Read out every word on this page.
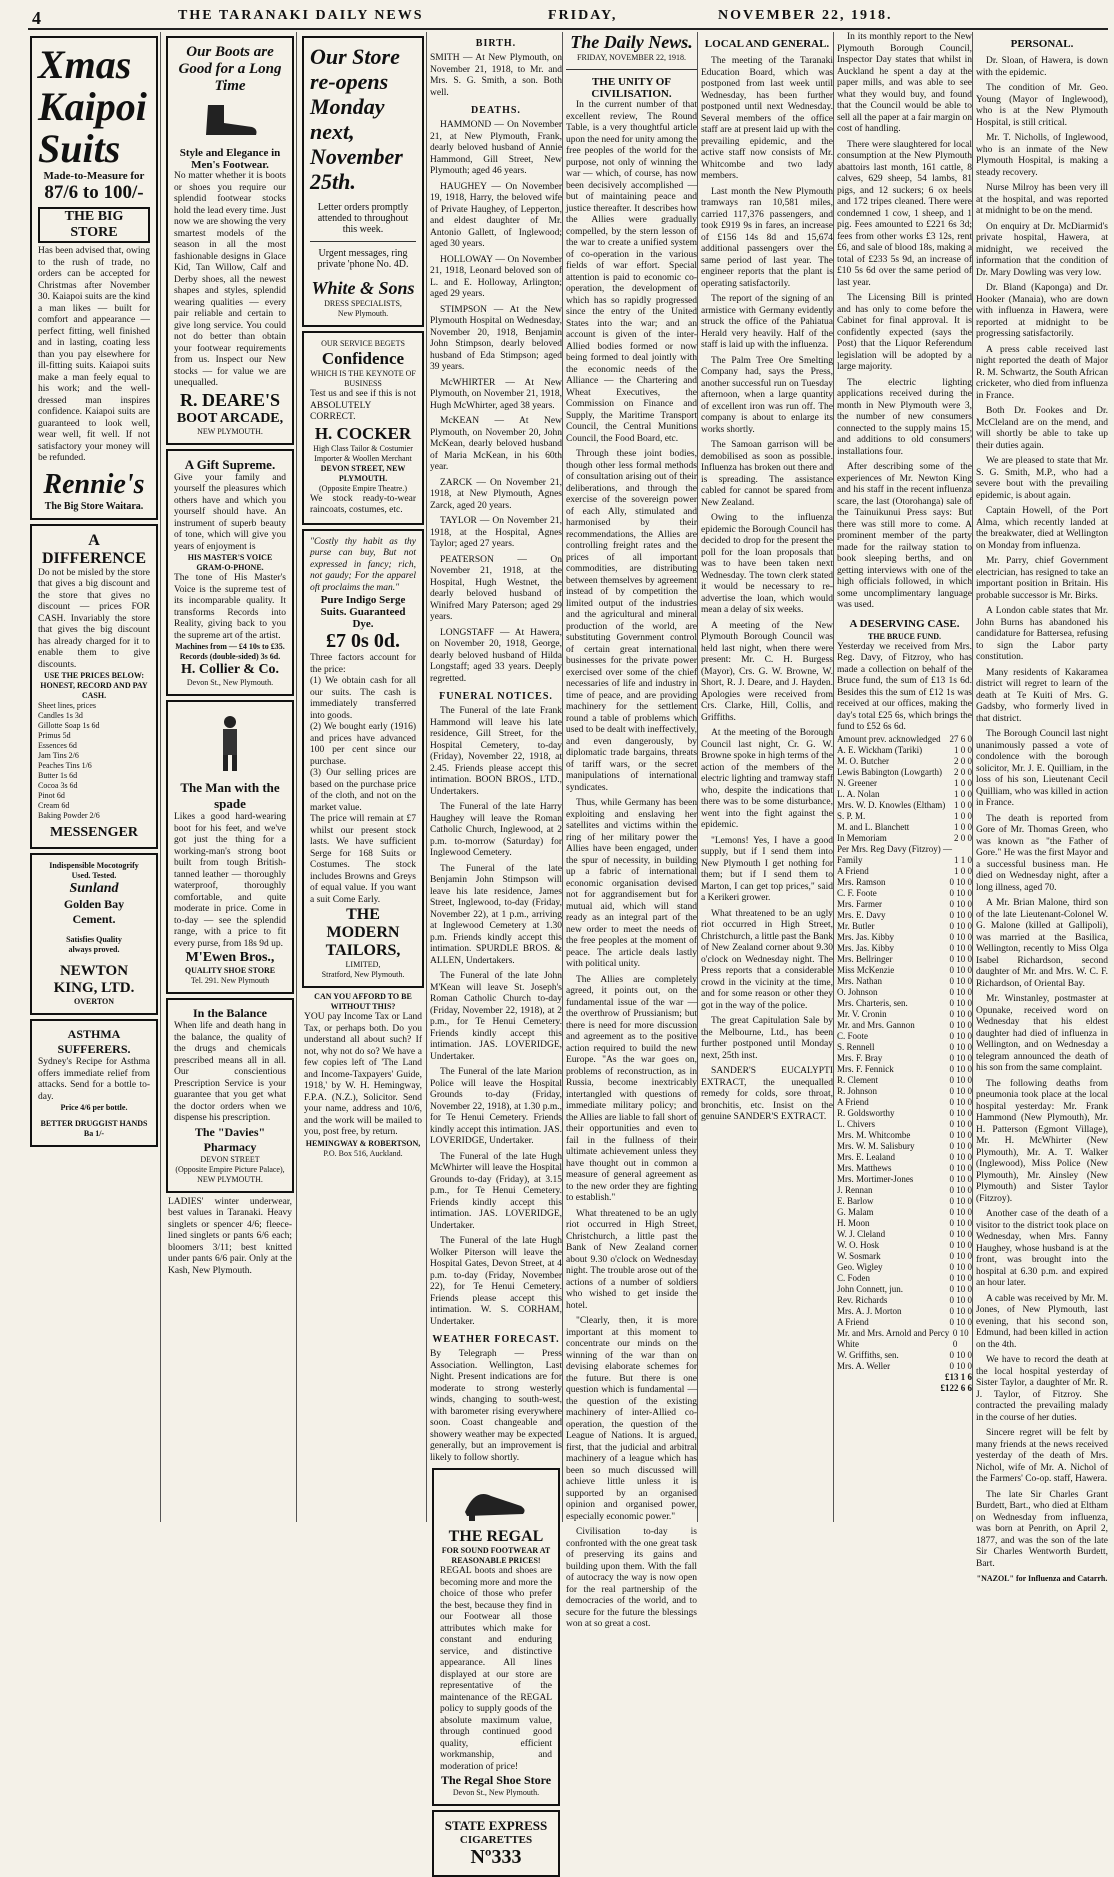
4	THE TARANAKI DAILY NEWS	FRIDAY,	NOVEMBER 22, 1918.
Xmas
Kaipoi
Suits
Made-to-Measure for
87/6 to 100/-
THE BIG STORE
Has been advised that, owing to the rush of trade, no orders can be accepted for Christmas after November 30. Kaiapoi suits are the kind a man likes — built for comfort and appearance — perfect fitting, well finished and in lasting, coating less than you pay elsewhere for ill-fitting suits. Kaiapoi suits make a man feely equal to his work; and the well-dressed man inspires confidence. Kaiapoi suits are guaranteed to look well, wear well, fit well. If not satisfactory your money will be refunded.
Rennie's
The Big Store Waitara.
A DIFFERENCE
Do not be misled by the store that gives a big discount and the store that gives no discount — prices FOR CASH. Invariably the store that gives the big discount has already charged for it to enable them to give discounts.
USE THE PRICES BELOW: HONEST, RECORD AND PAY CASH.
Sheet lines, prices
Candles 1s 3d
Gillotte Soap 1s 6d
Primus 5d
Essences 6d
Jam Tins 2/6
Peaches Tins 1/6
Butter 1s 6d
Cocoa 3s 6d
Pinot 6d
Cream 6d
Baking Powder 2/6
MESSENGER
Indispensible Mocotogrify
Used. Tested.
Sunland
Golden Bay
Cement.
Satisfies Quality
always proved.
NEWTON KING, LTD.
OVERTON
ASTHMA SUFFERERS.
Sydney's Recipe for Asthma offers immediate relief from attacks. Send for a bottle to-day.
Price 4/6 per bottle.
BETTER DRUGGIST HANDS
Ba 1/-
Our Boots are Good for a Long Time
Style and Elegance in Men's Footwear.
No matter whether it is boots or shoes you require our splendid footwear stocks hold the lead every time. Just now we are showing the very smartest models of the season in all the most fashionable designs in Glace Kid, Tan Willow, Calf and Derby shoes, all the newest shapes and styles, splendid wearing qualities — every pair reliable and certain to give long service. You could not do better than obtain your footwear requirements from us. Inspect our New stocks — for value we are unequalled.
R. DEARE'S
BOOT ARCADE,
NEW PLYMOUTH.
A Gift Supreme.
Give your family and yourself the pleasures which others have and which you yourself should have. An instrument of superb beauty of tone, which will give you years of enjoyment is
HIS MASTER'S VOICE GRAM-O-PHONE.
The tone of His Master's Voice is the supreme test of its incomparable quality. It transforms Records into Reality, giving back to you the supreme art of the artist.
Machines from — £4 10s to £35.
Records (double-sided) 3s 6d.
H. Collier & Co.
Devon St., New Plymouth.
The Man with the spade
Likes a good hard-wearing boot for his feet, and we've got just the thing for a working-man's strong boot built from tough British-tanned leather — thoroughly waterproof, thoroughly comfortable, and quite moderate in price. Come in to-day — see the splendid range, with a price to fit every purse, from 18s 9d up.
M'Ewen Bros.,
QUALITY SHOE STORE
Tel. 291. New Plymouth
In the Balance
When life and death hang in the balance, the quality of the drugs and chemicals prescribed means all in all. Our conscientious Prescription Service is your guarantee that you get what the doctor orders when we dispense his prescription.
The "Davies" Pharmacy
DEVON STREET
(Opposite Empire Picture Palace),
NEW PLYMOUTH.
LADIES' winter underwear, best values in Taranaki. Heavy singlets or spencer 4/6; fleece-lined singlets or pants 6/6 each; bloomers 3/11; best knitted under pants 6/6 pair. Only at the Kash, New Plymouth.
Our Store
re-opens
Monday
next,
November
25th.
Letter orders promptly attended to throughout this week.
Urgent messages, ring private 'phone No. 4D.
White & Sons
DRESS SPECIALISTS,
New Plymouth.
OUR SERVICE BEGETS
Confidence
WHICH IS THE KEYNOTE OF BUSINESS
Test us and see if this is not ABSOLUTELY CORRECT.
H. COCKER
High Class Tailor & Costumier Importer & Woollen Merchant
DEVON STREET, NEW PLYMOUTH.
(Opposite Empire Theatre.)
We stock ready-to-wear raincoats, costumes, etc.
"Costly thy habit as thy purse can buy, But not expressed in fancy; rich, not gaudy; For the apparel oft proclaims the man."
Pure Indigo Serge Suits. Guaranteed Dye.
£7 0s 0d.
Three factors account for the price:
(1) We obtain cash for all our suits. The cash is immediately transferred into goods.
(2) We bought early (1916) and prices have advanced 100 per cent since our purchase.
(3) Our selling prices are based on the purchase price of the cloth, and not on the market value.
The price will remain at £7 whilst our present stock lasts. We have sufficient Serge for 168 Suits or Costumes. The stock includes Browns and Greys of equal value. If you want a suit Come Early.
THE MODERN TAILORS,
LIMITED,
Stratford, New Plymouth.
CAN YOU AFFORD TO BE WITHOUT THIS?
YOU pay Income Tax or Land Tax, or perhaps both. Do you understand all about such? If not, why not do so? We have a few copies left of 'The Land and Income-Taxpayers' Guide, 1918,' by W. H. Hemingway, F.P.A. (N.Z.), Solicitor. Send your name, address and 10/6, and the work will be mailed to you, post free, by return.
HEMINGWAY & ROBERTSON,
P.O. Box 516, Auckland.
BIRTH.
SMITH — At New Plymouth, on November 21, 1918, to Mr. and Mrs. S. G. Smith, a son. Both well.
DEATHS.

HAMMOND — On November 21, at New Plymouth, Frank, dearly beloved husband of Annie Hammond, Gill Street, New Plymouth; aged 46 years.

HAUGHEY — On November 19, 1918, Harry, the beloved wife of Private Haughey, of Lepperton, and eldest daughter of Mr. Antonio Gallett, of Inglewood; aged 30 years.

HOLLOWAY — On November 21, 1918, Leonard beloved son of L. and E. Holloway, Arlington; aged 29 years.

STIMPSON — At the New Plymouth Hospital on Wednesday, November 20, 1918, Benjamin John Stimpson, dearly beloved husband of Eda Stimpson; aged 39 years.

McWHIRTER — At New Plymouth, on November 21, 1918, Hugh McWhirter, aged 38 years.

McKEAN — At New Plymouth, on November 20, John McKean, dearly beloved husband of Maria McKean, in his 60th year.

ZARCK — On November 21, 1918, at New Plymouth, Agnes Zarck, aged 20 years.

TAYLOR — On November 21, 1918, at the Hospital, Agnes Taylor; aged 27 years.

PEATERSON — On November 21, 1918, at the Hospital, Hugh Westnet, the dearly beloved husband of Winifred Mary Paterson; aged 29 years.

LONGSTAFF — At Hawera, on November 20, 1918, George, dearly beloved husband of Hilda Longstaff; aged 33 years. Deeply regretted.

FUNERAL NOTICES.

The Funeral of the late Frank Hammond will leave his late residence, Gill Street, for the Hospital Cemetery, to-day (Friday), November 22, 1918, at 2.45. Friends please accept this intimation. BOON BROS., LTD., Undertakers.

The Funeral of the late Harry Haughey will leave the Roman Catholic Church, Inglewood, at 2 p.m. to-morrow (Saturday) for Inglewood Cemetery.

The Funeral of the late Benjamin John Stimpson will leave his late residence, James Street, Inglewood, to-day (Friday, November 22), at 1 p.m., arriving at Inglewood Cemetery at 1.30 p.m. Friends kindly accept this intimation. SPURDLE BROS. & ALLEN, Undertakers.

The Funeral of the late John M'Kean will leave St. Joseph's Roman Catholic Church to-day (Friday, November 22, 1918), at 2 p.m., for Te Henui Cemetery. Friends kindly accept this intimation. JAS. LOVERIDGE, Undertaker.

The Funeral of the late Marion Police will leave the Hospital Grounds to-day (Friday, November 22, 1918), at 1.30 p.m., for Te Henui Cemetery. Friends kindly accept this intimation. JAS. LOVERIDGE, Undertaker.

The Funeral of the late Hugh McWhirter will leave the Hospital Grounds to-day (Friday), at 3.15 p.m., for Te Henui Cemetery. Friends kindly accept this intimation. JAS. LOVERIDGE, Undertaker.

The Funeral of the late Hugh Wolker Piterson will leave the Hospital Gates, Devon Street, at 4 p.m. to-day (Friday, November 22), for Te Henui Cemetery. Friends please accept this intimation. W. S. CORHAM, Undertaker.

WEATHER FORECAST.
By Telegraph — Press Association. Wellington, Last Night. Present indications are for moderate to strong westerly winds, changing to south-west, with barometer rising everywhere soon. Coast changeable and showery weather may be expected generally, but an improvement is likely to follow shortly.
THE REGAL
FOR SOUND FOOTWEAR AT REASONABLE PRICES!
REGAL boots and shoes are becoming more and more the choice of those who prefer the best, because they find in our Footwear all those attributes which make for constant and enduring service, and distinctive appearance. All lines displayed at our store are representative of the maintenance of the REGAL policy to supply goods of the absolute maximum value, through continued good quality, efficient workmanship, and moderation of price!
The Regal Shoe Store
Devon St., New Plymouth.
STATE EXPRESS
CIGARETTES
Nº333
The Daily News.
FRIDAY, NOVEMBER 22, 1918.
THE UNITY OF CIVILISATION.

In the current number of that excellent review, The Round Table, is a very thoughtful article upon the need for unity among the free peoples of the world for the purpose, not only of winning the war — which, of course, has now been decisively accomplished — but of maintaining peace and justice thereafter. It describes how the Allies were gradually compelled, by the stern lesson of the war to create a unified system of co-operation in the various fields of war effort. Special attention is paid to economic co-operation, the development of which has so rapidly progressed since the entry of the United States into the war; and an account is given of the inter-Allied bodies formed or now being formed to deal jointly with the economic needs of the Alliance — the Chartering and Wheat Executives, the Commission on Finance and Supply, the Maritime Transport Council, the Central Munitions Council, the Food Board, etc.

Through these joint bodies, though other less formal methods of consultation arising out of their deliberations, and through the exercise of the sovereign power of each Ally, stimulated and harmonised by their recommendations, the Allies are controlling freight rates and the prices of all important commodities, are distributing between themselves by agreement instead of by competition the limited output of the industries and the agricultural and mineral production of the world, are substituting Government control of certain great international businesses for the private power exercised over some of the chief necessaries of life and industry in time of peace, and are providing machinery for the settlement round a table of problems which used to be dealt with ineffectively, and even dangerously, by diplomatic trade bargains, threats of tariff wars, or the secret manipulations of international syndicates.

Thus, while Germany has been exploiting and enslaving her satellites and victims within the ring of her military power the Allies have been engaged, under the spur of necessity, in building up a fabric of international economic organisation devised not for aggrandisement but for mutual aid, which will stand ready as an integral part of the new order to meet the needs of the free peoples at the moment of peace. The article deals lastly with political unity.

The Allies are completely agreed, it points out, on the fundamental issue of the war — the overthrow of Prussianism; but there is need for more discussion and agreement as to the positive action required to build the new Europe. "As the war goes on, problems of reconstruction, as in Russia, become inextricably intertangled with questions of immediate military policy; and the Allies are liable to fall short of their opportunities and even to fail in the fullness of their ultimate achievement unless they have thought out in common a measure of general agreement as to the new order they are fighting to establish."

What threatened to be an ugly riot occurred in High Street, Christchurch, a little past the Bank of New Zealand corner about 9.30 o'clock on Wednesday night. The trouble arose out of the actions of a number of soldiers who wished to get inside the hotel.

"Clearly, then, it is more important at this moment to concentrate our minds on the winning of the war than on devising elaborate schemes for the future. But there is one question which is fundamental — the question of the existing machinery of inter-Allied co-operation, the question of the League of Nations. It is argued, first, that the judicial and arbitral machinery of a league which has been so much discussed will achieve little unless it is supported by an organised opinion and organised power, especially economic power."

Civilisation to-day is confronted with the one great task of preserving its gains and building upon them. With the fall of autocracy the way is now open for the real partnership of the democracies of the world, and to secure for the future the blessings won at so great a cost.

LOCAL AND GENERAL.

The meeting of the Taranaki Education Board, which was postponed from last week until Wednesday, has been further postponed until next Wednesday. Several members of the office staff are at present laid up with the prevailing epidemic, and the active staff now consists of Mr. Whitcombe and two lady members.

Last month the New Plymouth tramways ran 10,581 miles, carried 117,376 passengers, and took £919 9s in fares, an increase of £156 14s 8d and 15,674 additional passengers over the same period of last year. The engineer reports that the plant is operating satisfactorily.

The report of the signing of an armistice with Germany evidently struck the office of the Pahiatua Herald very heavily. Half of the staff is laid up with the influenza.

The Palm Tree Ore Smelting Company had, says the Press, another successful run on Tuesday afternoon, when a large quantity of excellent iron was run off. The company is about to enlarge its works shortly.

The Samoan garrison will be demobilised as soon as possible. Influenza has broken out there and is spreading. The assistance cabled for cannot be spared from New Zealand.

Owing to the influenza epidemic the Borough Council has decided to drop for the present the poll for the loan proposals that was to have been taken next Wednesday. The town clerk stated it would be necessary to re-advertise the loan, which would mean a delay of six weeks.

A meeting of the New Plymouth Borough Council was held last night, when there were present: Mr. C. H. Burgess (Mayor), Crs. G. W. Browne, W. Short, R. J. Deare, and J. Hayden. Apologies were received from Crs. Clarke, Hill, Collis, and Griffiths.

At the meeting of the Borough Council last night, Cr. G. W. Browne spoke in high terms of the action of the members of the electric lighting and tramway staff who, despite the indications that there was to be some disturbance, went into the fight against the epidemic.

"Lemons! Yes, I have a good supply, but if I send them into New Plymouth I get nothing for them; but if I send them to Marton, I can get top prices," said a Kerikeri grower.

What threatened to be an ugly riot occurred in High Street, Christchurch, a little past the Bank of New Zealand corner about 9.30 o'clock on Wednesday night. The Press reports that a considerable crowd in the vicinity at the time, and for some reason or other they got in the way of the police.

The great Capitulation Sale by the Melbourne, Ltd., has been further postponed until Monday next, 25th inst.

SANDER'S EUCALYPTI EXTRACT, the unequalled remedy for colds, sore throat, bronchitis, etc. Insist on the genuine SANDER'S EXTRACT.

In its monthly report to the New Plymouth Borough Council, Inspector Day states that whilst in Auckland he spent a day at the paper mills, and was able to see what they would buy, and found that the Council would be able to sell all the paper at a fair margin on cost of handling.

There were slaughtered for local consumption at the New Plymouth abattoirs last month, 161 cattle, 8 calves, 629 sheep, 54 lambs, 81 pigs, and 12 suckers; 6 ox heels and 172 tripes cleaned. There were condemned 1 cow, 1 sheep, and 1 pig. Fees amounted to £221 6s 3d; fees from other works £3 12s, rent £6, and sale of blood 18s, making a total of £233 5s 9d, an increase of £10 5s 6d over the same period of last year.

The Licensing Bill is printed and has only to come before the Cabinet for final approval. It is confidently expected (says the Post) that the Liquor Referendum legislation will be adopted by a large majority.

The electric lighting applications received during the month in New Plymouth were 3, the number of new consumers connected to the supply mains 15, and additions to old consumers' installations four.

After describing some of the experiences of Mr. Newton King and his staff in the recent influenza scare, the last (Otorohanga) sale of the Tainuikunui Press says: But there was still more to come. A prominent member of the party made for the railway station to book sleeping berths, and on getting interviews with one of the high officials followed, in which some uncomplimentary language was used.

A DESERVING CASE.
THE BRUCE FUND.
Yesterday we received from Mrs. Reg. Davy, of Fitzroy, who has made a collection on behalf of the Bruce fund, the sum of £13 1s 6d. Besides this the sum of £12 1s was received at our offices, making the day's total £25 6s, which brings the fund to £52 6s 6d.
Amount prev. acknowledged 27 6 0
A. E. Wickham (Tariki)	1 0 0
M. O. Butcher	2 0 0
Lewis Babington (Lowgarth) 2 0 0
N. Greener	1 0 0
L. A. Nolan	1 0 0
Mrs. W. D. Knowles (Eltham) 1 0 0
S. P. M.	1 0 0
M. and L. Blanchett	1 0 0
In Memoriam	2 0 0
Per Mrs. Reg Davy (Fitzroy) —
Family	1 1 0
A Friend	1 0 0
Mrs. Ramson	0 10 0
C. F. Foote	0 10 0
Mrs. Farmer	0 10 0
Mrs. E. Davy	0 10 0
Mr. Butler	0 10 0
Mrs. Jas. Kibby	0 10 0
Mrs. Jas. Kibby	0 10 0
Mrs. Bellringer	0 10 0
Miss McKenzie	0 10 0
Mrs. Nathan	0 10 0
O. Johnson	0 10 0
Mrs. Charteris, sen.	0 10 0
Mr. V. Cronin	0 10 0
Mr. and Mrs. Gannon	0 10 0
C. Foote	0 10 0
S. Rennell	0 10 0
Mrs. F. Bray	0 10 0
Mrs. F. Fennick	0 10 0
R. Clement	0 10 0
R. Johnson	0 10 0
A Friend	0 10 0
R. Goldsworthy	0 10 0
L. Chivers	0 10 0
Mrs. M. Whitcombe	0 10 0
Mrs. W. M. Salisbury	0 10 0
Mrs. E. Lealand	0 10 0
Mrs. Matthews	0 10 0
Mrs. Mortimer-Jones	0 10 0
J. Rennan	0 10 0
E. Barlow	0 10 0
G. Malam	0 10 0
H. Moon	0 10 0
W. J. Cleland	0 10 0
W. O. Hosk	0 10 0
W. Sosmark	0 10 0
Geo. Wigley	0 10 0
C. Foden	0 10 0
John Connett, jun.	0 10 0
Rev. Richards	0 10 0
Mrs. A. J. Morton	0 10 0
A Friend	0 10 0
Mr. and Mrs. Arnold and Percy White
0 10 0
W. Griffiths, sen.	0 10 0
Mrs. A. Weller	0 10 0
£13 1 6
£122 6 6
PERSONAL.

Dr. Sloan, of Hawera, is down with the epidemic.

The condition of Mr. Geo. Young (Mayor of Inglewood), who is at the New Plymouth Hospital, is still critical.

Mr. T. Nicholls, of Inglewood, who is an inmate of the New Plymouth Hospital, is making a steady recovery.

Nurse Milroy has been very ill at the hospital, and was reported at midnight to be on the mend.

On enquiry at Dr. McDiarmid's private hospital, Hawera, at midnight, we received the information that the condition of Dr. Mary Dowling was very low.

Dr. Bland (Kaponga) and Dr. Hooker (Manaia), who are down with influenza in Hawera, were reported at midnight to be progressing satisfactorily.

A press cable received last night reported the death of Major R. M. Schwartz, the South African cricketer, who died from influenza in France.

Both Dr. Fookes and Dr. McCleland are on the mend, and will shortly be able to take up their duties again.

We are pleased to state that Mr. S. G. Smith, M.P., who had a severe bout with the prevailing epidemic, is about again.

Captain Howell, of the Port Alma, which recently landed at the breakwater, died at Wellington on Monday from influenza.

Mr. Parry, chief Government electrician, has resigned to take an important position in Britain. His probable successor is Mr. Birks.

A London cable states that Mr. John Burns has abandoned his candidature for Battersea, refusing to sign the Labor party constitution.

Many residents of Kakaramea district will regret to learn of the death at Te Kuiti of Mrs. G. Gadsby, who formerly lived in that district.

The Borough Council last night unanimously passed a vote of condolence with the borough solicitor, Mr. J. E. Quilliam, in the loss of his son, Lieutenant Cecil Quilliam, who was killed in action in France.

The death is reported from Gore of Mr. Thomas Green, who was known as "the Father of Gore." He was the first Mayor and a successful business man. He died on Wednesday night, after a long illness, aged 70.

A Mr. Brian Malone, third son of the late Lieutenant-Colonel W. G. Malone (killed at Gallipoli), was married at the Basilica, Wellington, recently to Miss Olga Isabel Richardson, second daughter of Mr. and Mrs. W. C. F. Richardson, of Oriental Bay.

Mr. Winstanley, postmaster at Opunake, received word on Wednesday that his eldest daughter had died of influenza in Wellington, and on Wednesday a telegram announced the death of his son from the same complaint.

The following deaths from pneumonia took place at the local hospital yesterday: Mr. Frank Hammond (New Plymouth), Mr. H. Patterson (Egmont Village), Mr. H. McWhirter (New Plymouth), Mr. A. T. Walker (Inglewood), Miss Police (New Plymouth), Mr. Ainsley (New Plymouth) and Sister Taylor (Fitzroy).

Another case of the death of a visitor to the district took place on Wednesday, when Mrs. Fanny Haughey, whose husband is at the front, was brought into the hospital at 6.30 p.m. and expired an hour later.

A cable was received by Mr. M. Jones, of New Plymouth, last evening, that his second son, Edmund, had been killed in action on the 4th.

We have to record the death at the local hospital yesterday of Sister Taylor, a daughter of Mr. R. J. Taylor, of Fitzroy. She contracted the prevailing malady in the course of her duties.

Sincere regret will be felt by many friends at the news received yesterday of the death of Mrs. Nichol, wife of Mr. A. Nichol of the Farmers' Co-op. staff, Hawera.

The late Sir Charles Grant Burdett, Bart., who died at Eltham on Wednesday from influenza, was born at Penrith, on April 2, 1877, and was the son of the late Sir Charles Wentworth Burdett, Bart.

"NAZOL" for Influenza and Catarrh.
